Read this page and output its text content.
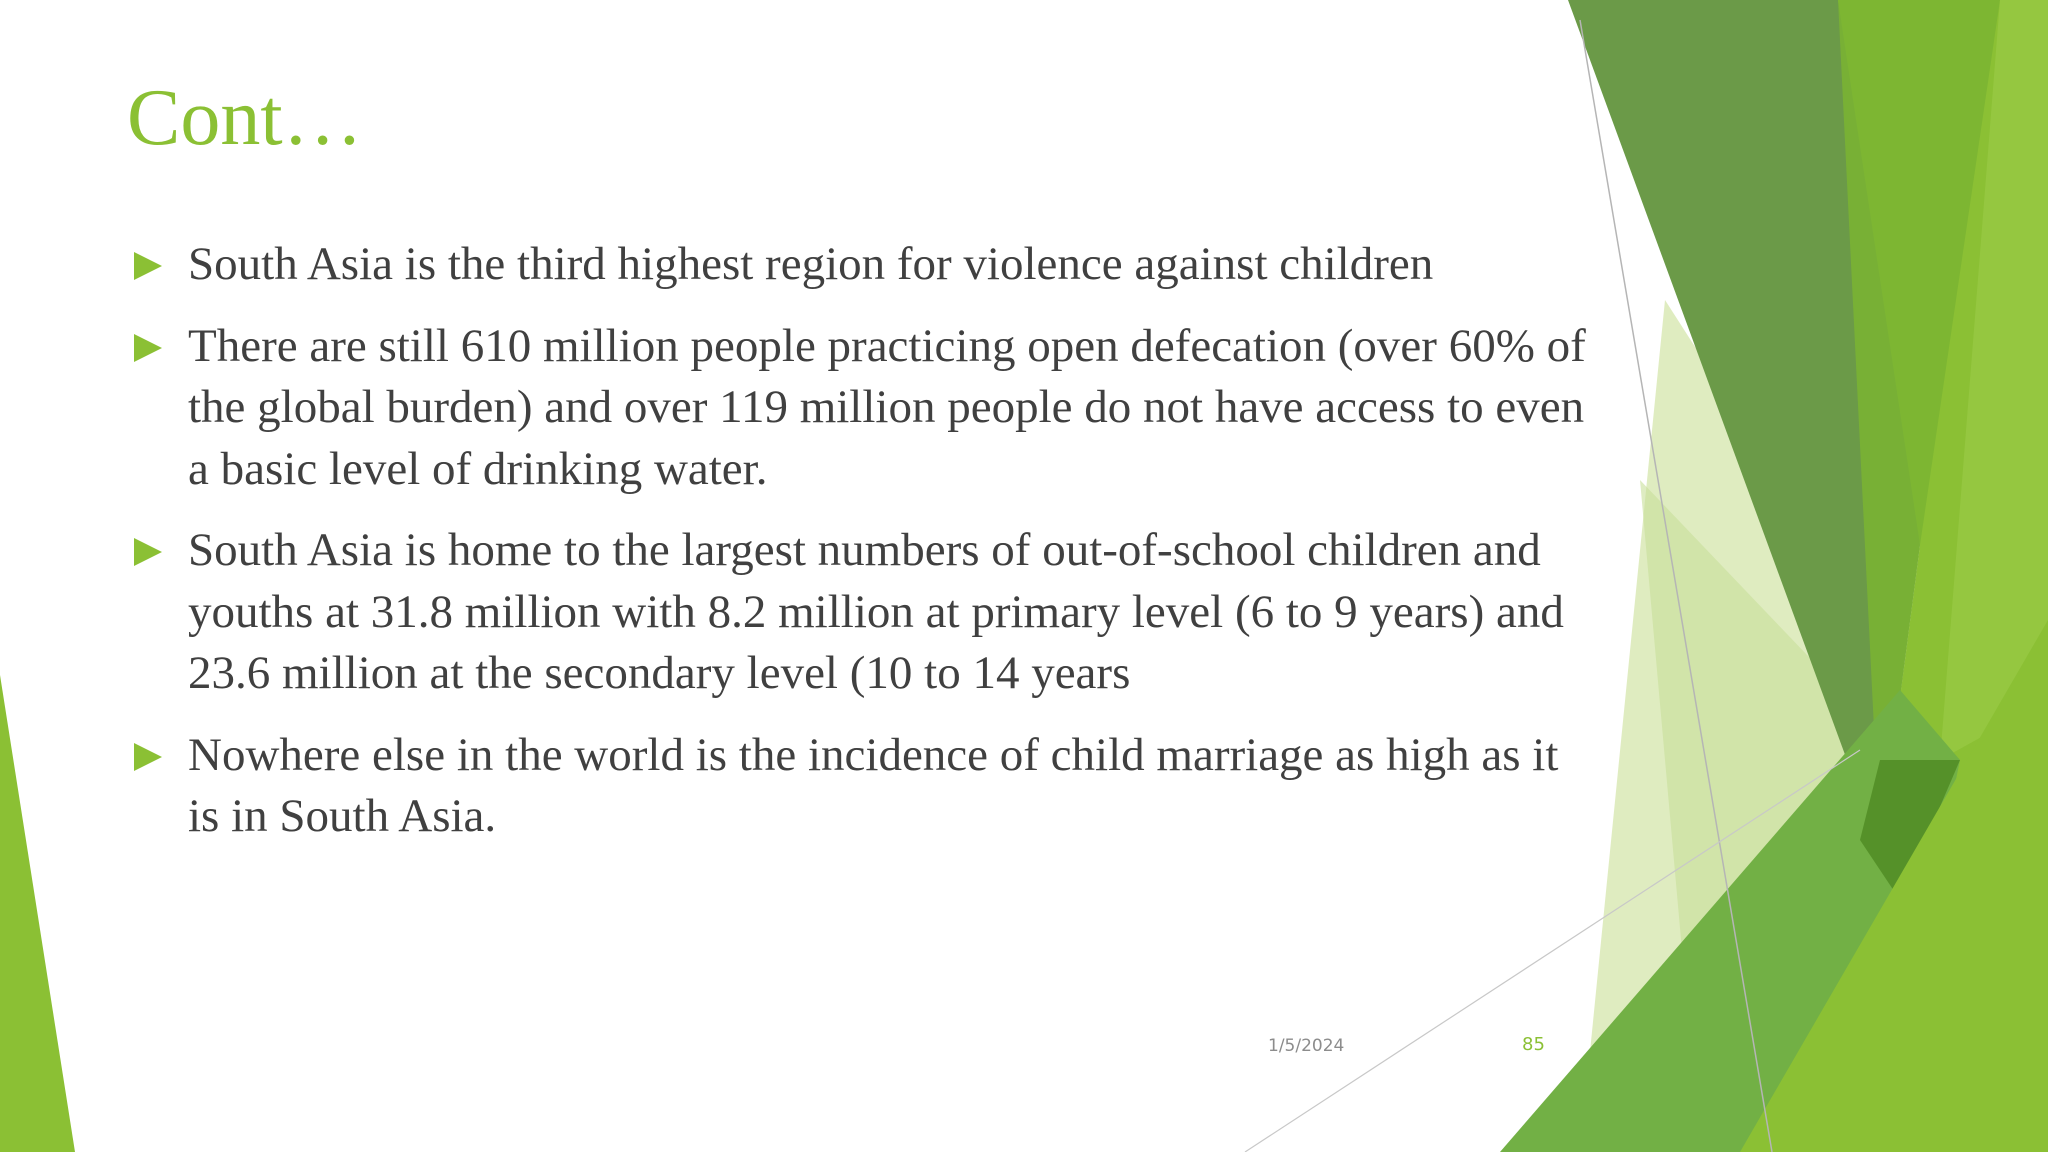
Cont…
South Asia is the third highest region for violence against children
There are still 610 million people practicing open defecation (over 60% of the global burden) and over 119 million people do not have access to even a basic level of drinking water.
South Asia is home to the largest numbers of out-of-school children and youths at 31.8 million with 8.2 million at primary level (6 to 9 years) and 23.6 million at the secondary level (10 to 14 years
Nowhere else in the world is the incidence of child marriage as high as it is in South Asia.
1/5/2024	85
